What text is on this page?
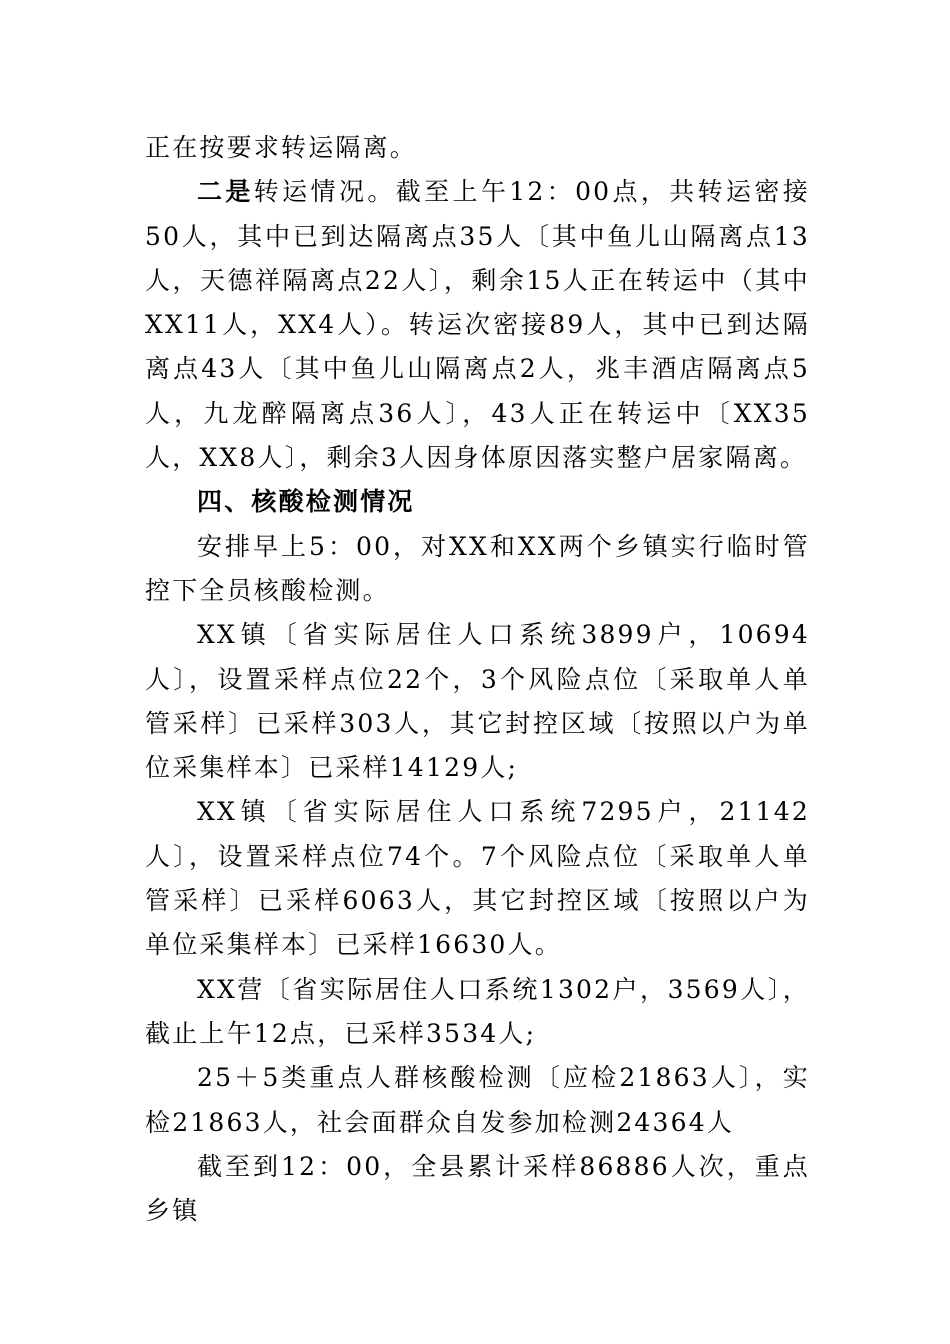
正在按要求转运隔离。

二是转运情况。截至上午12：00点，共转运密接50人，其中已到达隔离点35人〔其中鱼儿山隔离点13人，天德祥隔离点22人〕，剩余15人正在转运中（其中XX11人，XX4人）。转运次密接89人，其中已到达隔离点43人〔其中鱼儿山隔离点2人，兆丰酒店隔离点5人，九龙醉隔离点36人〕，43人正在转运中〔XX35人，XX8人〕，剩余3人因身体原因落实整户居家隔离。

四、核酸检测情况

安排早上5：00，对XX和XX两个乡镇实行临时管控下全员核酸检测。

XX镇〔省实际居住人口系统3899户，10694人〕，设置采样点位22个，3个风险点位〔采取单人单管采样〕已采样303人，其它封控区域〔按照以户为单位采集样本〕已采样14129人;

XX镇〔省实际居住人口系统7295户，21142人〕，设置采样点位74个。7个风险点位〔采取单人单管采样〕已采样6063人，其它封控区域〔按照以户为单位采集样本〕已采样16630人。

XX营〔省实际居住人口系统1302户，3569人〕，截止上午12点，已采样3534人;

25＋5类重点人群核酸检测〔应检21863人〕，实检21863人，社会面群众自发参加检测24364人

截至到12：00，全县累计采样86886人次，重点乡镇
